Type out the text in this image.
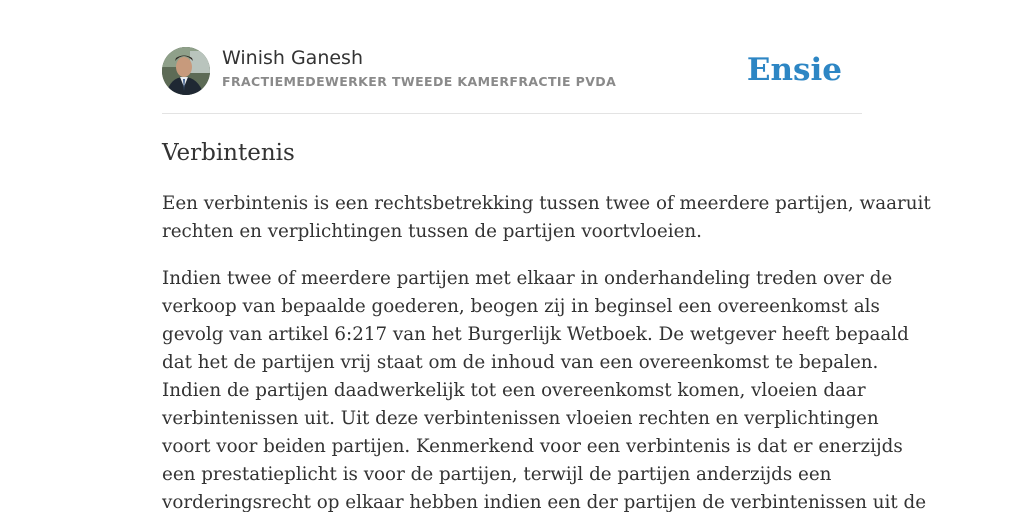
Winish Ganesh
FRACTIEMEDEWERKER TWEEDE KAMERFRACTIE PVDA	Ensie
Verbintenis

Een verbintenis is een rechtsbetrekking tussen twee of meerdere partijen, waaruit
rechten en verplichtingen tussen de partijen voortvloeien.

Indien twee of meerdere partijen met elkaar in onderhandeling treden over de
verkoop van bepaalde goederen, beogen zij in beginsel een overeenkomst als
gevolg van artikel 6:217 van het Burgerlijk Wetboek. De wetgever heeft bepaald
dat het de partijen vrij staat om de inhoud van een overeenkomst te bepalen.
Indien de partijen daadwerkelijk tot een overeenkomst komen, vloeien daar
verbintenissen uit. Uit deze verbintenissen vloeien rechten en verplichtingen
voort voor beiden partijen. Kenmerkend voor een verbintenis is dat er enerzijds
een prestatieplicht is voor de partijen, terwijl de partijen anderzijds een
vorderingsrecht op elkaar hebben indien een der partijen de verbintenissen uit de
